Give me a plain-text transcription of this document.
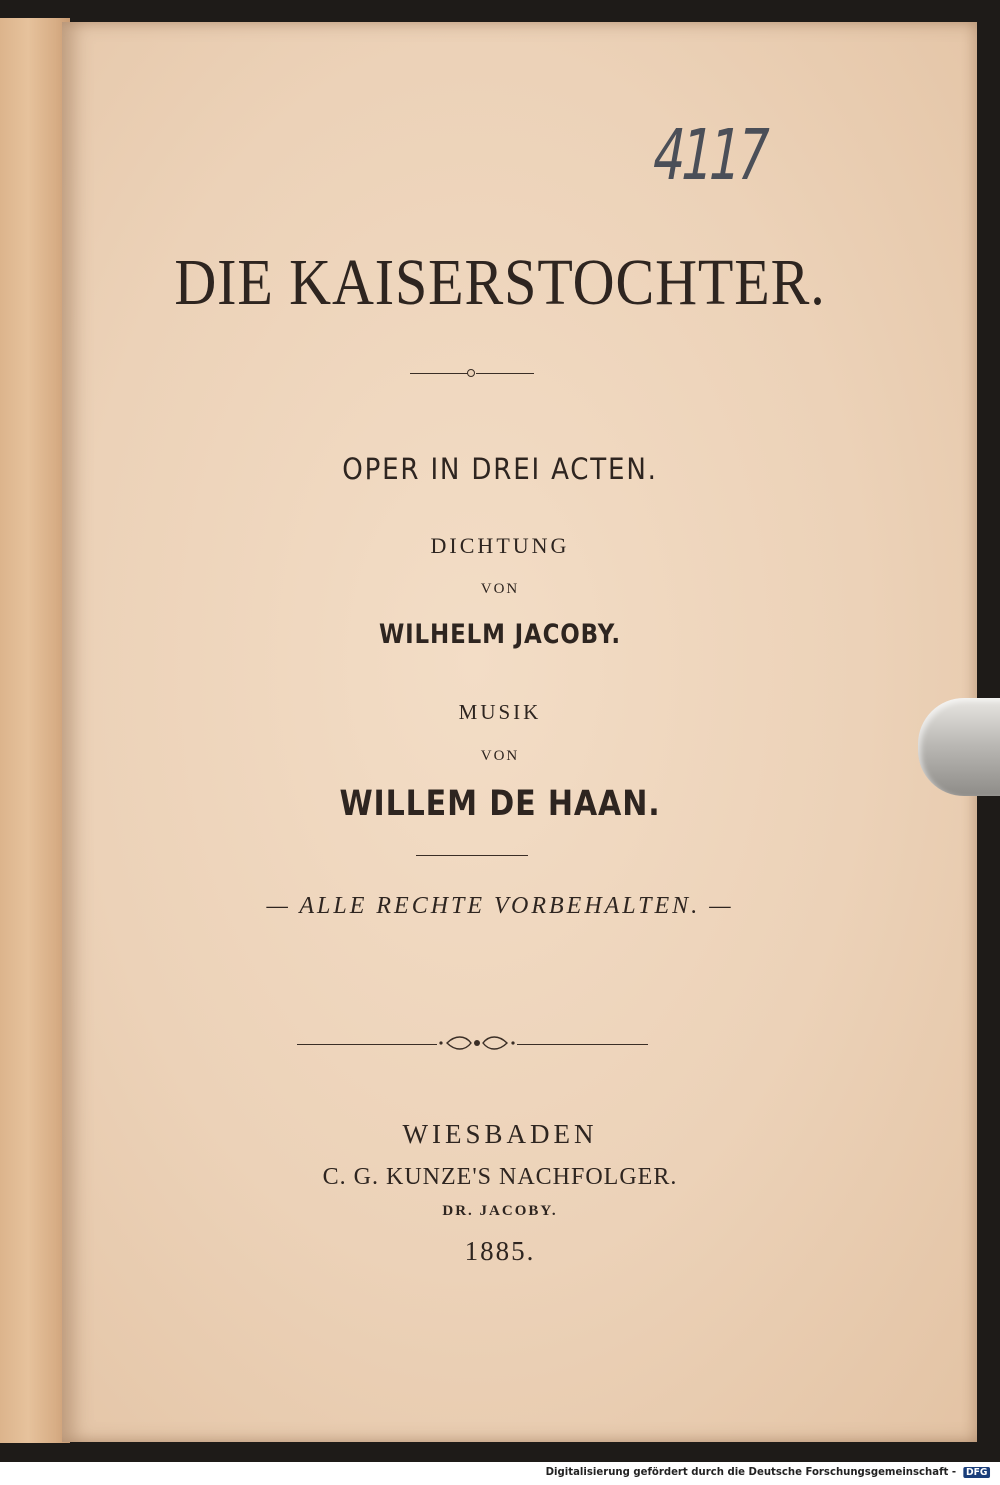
4117
DIE KAISERSTOCHTER.
OPER IN DREI ACTEN.
DICHTUNG
VON
WILHELM JACOBY.
MUSIK
VON
WILLEM DE HAAN.
— ALLE RECHTE VORBEHALTEN. —
WIESBADEN
C. G. KUNZE'S NACHFOLGER.
DR. JACOBY.
1885.
Digitalisierung gefördert durch die Deutsche Forschungsgemeinschaft - DFG
